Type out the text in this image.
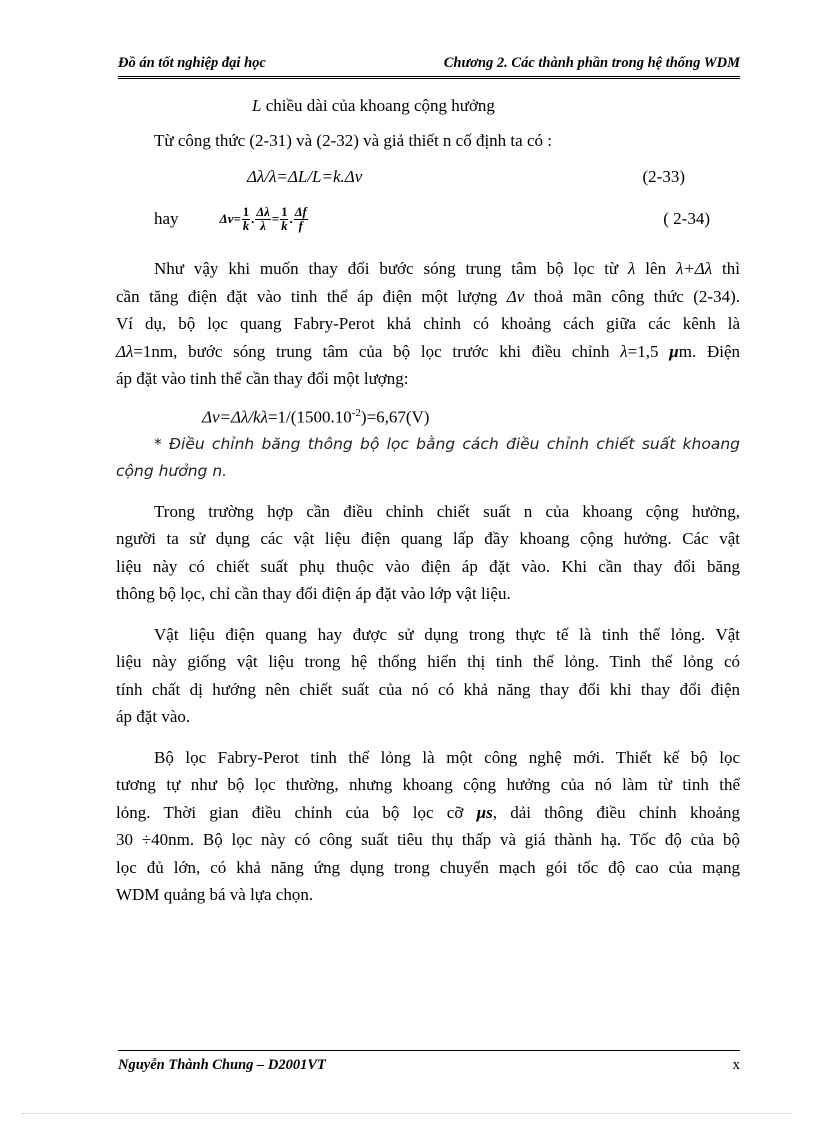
Đồ án tốt nghiệp đại học	Chương 2. Các thành phần trong hệ thống WDM

L chiều dài của khoang cộng hưởng

Từ công thức (2-31) và (2-32) và giả thiết n cố định ta có :

Δλ/λ=ΔL/L=k.Δv	(2-33)
hay	$\Delta v= \frac{1}{k}$ . $\frac{\Delta\lambda}{\lambda} = \frac{1}{k}$ . $\frac{\Delta f}{f}$	( 2-34)

Như vậy khi muốn thay đổi bước sóng trung tâm bộ lọc từ λ lên λ+Δλ thì

cần tăng điện đặt vào tinh thể áp điện một lượng Δv thoả mãn công thức (2-34).

Ví dụ, bộ lọc quang Fabry-Perot khả chỉnh có khoảng cách giữa các kênh là

Δλ=1nm, bước sóng trung tâm của bộ lọc trước khi điều chỉnh λ=1,5 μm. Điện

áp đặt vào tinh thể cần thay đổi một lượng:

$\Delta v=\Delta\lambda/k\lambda=1/(1500.10^{-2})=6,67(V)$

* Điều chỉnh băng thông bộ lọc bằng cách điều chỉnh chiết suất khoang

cộng hưởng n.

Trong trường hợp cần điều chỉnh chiết suất n của khoang cộng hưởng,

người ta sử dụng các vật liệu điện quang lấp đầy khoang cộng hưởng. Các vật

liệu này có chiết suất phụ thuộc vào điện áp đặt vào. Khi cần thay đổi băng

thông bộ lọc, chỉ cần thay đổi điện áp đặt vào lớp vật liệu.

Vật liệu điện quang hay được sử dụng trong thực tế là tinh thể lỏng. Vật

liệu này giống vật liệu trong hệ thống hiển thị tinh thể lỏng. Tinh thể lỏng có

tính chất dị hướng nên chiết suất của nó có khả năng thay đổi khi thay đổi điện

áp đặt vào.

Bộ lọc Fabry-Perot tinh thể lỏng là một công nghệ mới. Thiết kế bộ lọc

tương tự như bộ lọc thường, nhưng khoang cộng hưởng của nó làm từ tinh thể

lỏng. Thời gian điều chỉnh của bộ lọc cỡ μs, dải thông điều chỉnh khoảng

30 ÷40nm. Bộ lọc này có công suất tiêu thụ thấp và giá thành hạ. Tốc độ của bộ

lọc đủ lớn, có khả năng ứng dụng trong chuyển mạch gói tốc độ cao của mạng

WDM quảng bá và lựa chọn.

Nguyễn Thành Chung – D2001VT	x
